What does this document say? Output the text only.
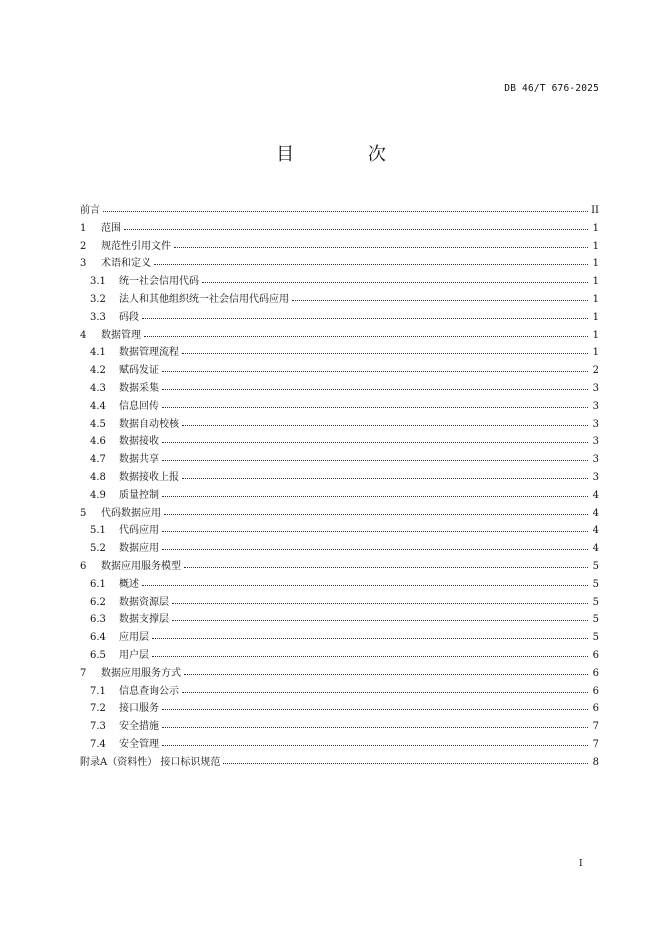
DB 46/T 676-2025
目 次
前言	II
1	范围	1
2	规范性引用文件	1
3	术语和定义	1
3.1	统一社会信用代码	1
3.2	法人和其他组织统一社会信用代码应用	1
3.3	码段	1
4	数据管理	1
4.1	数据管理流程	1
4.2	赋码发证	2
4.3	数据采集	3
4.4	信息回传	3
4.5	数据自动校核	3
4.6	数据接收	3
4.7	数据共享	3
4.8	数据接收上报	3
4.9	质量控制	4
5	代码数据应用	4
5.1	代码应用	4
5.2	数据应用	4
6	数据应用服务模型	5
6.1	概述	5
6.2	数据资源层	5
6.3	数据支撑层	5
6.4	应用层	5
6.5	用户层	6
7	数据应用服务方式	6
7.1	信息查询公示	6
7.2	接口服务	6
7.3	安全措施	7
7.4	安全管理	7
附录A（资料性） 接口标识规范	8
I
